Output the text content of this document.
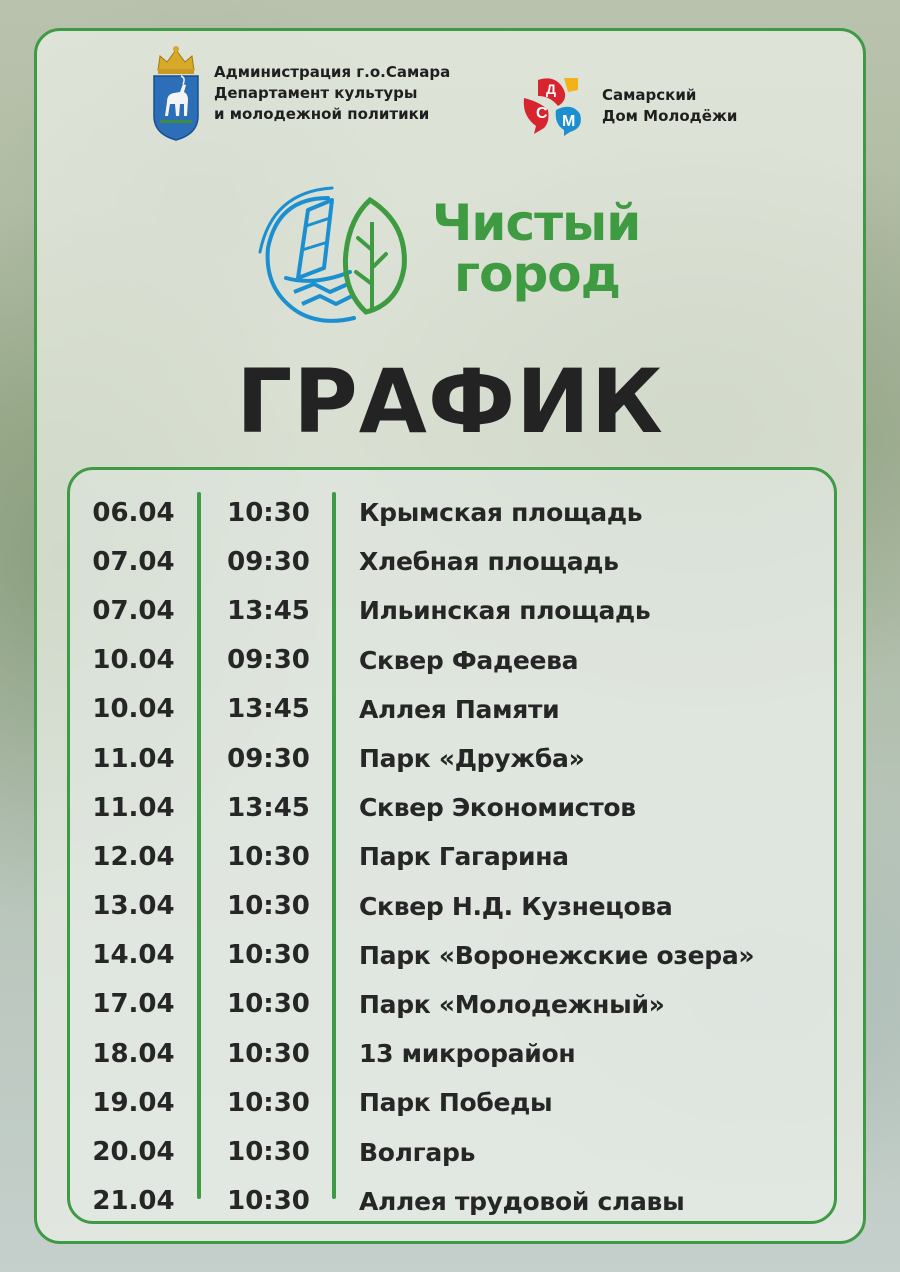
Администрация г.о.Самара
Департамент культуры
и молодежной политики	С
Д
М
Самарский
Дом Молодёжи
Чистый
город
ГРАФИК
06.04	10:30	Крымская площадь
07.04	09:30	Хлебная площадь
07.04	13:45	Ильинская площадь
10.04	09:30	Сквер Фадеева
10.04	13:45	Аллея Памяти
11.04	09:30	Парк «Дружба»
11.04	13:45	Сквер Экономистов
12.04	10:30	Парк Гагарина
13.04	10:30	Сквер Н.Д. Кузнецова
14.04	10:30	Парк «Воронежские озера»
17.04	10:30	Парк «Молодежный»
18.04	10:30	13 микрорайон
19.04	10:30	Парк Победы
20.04	10:30	Волгарь
21.04	10:30	Аллея трудовой славы
